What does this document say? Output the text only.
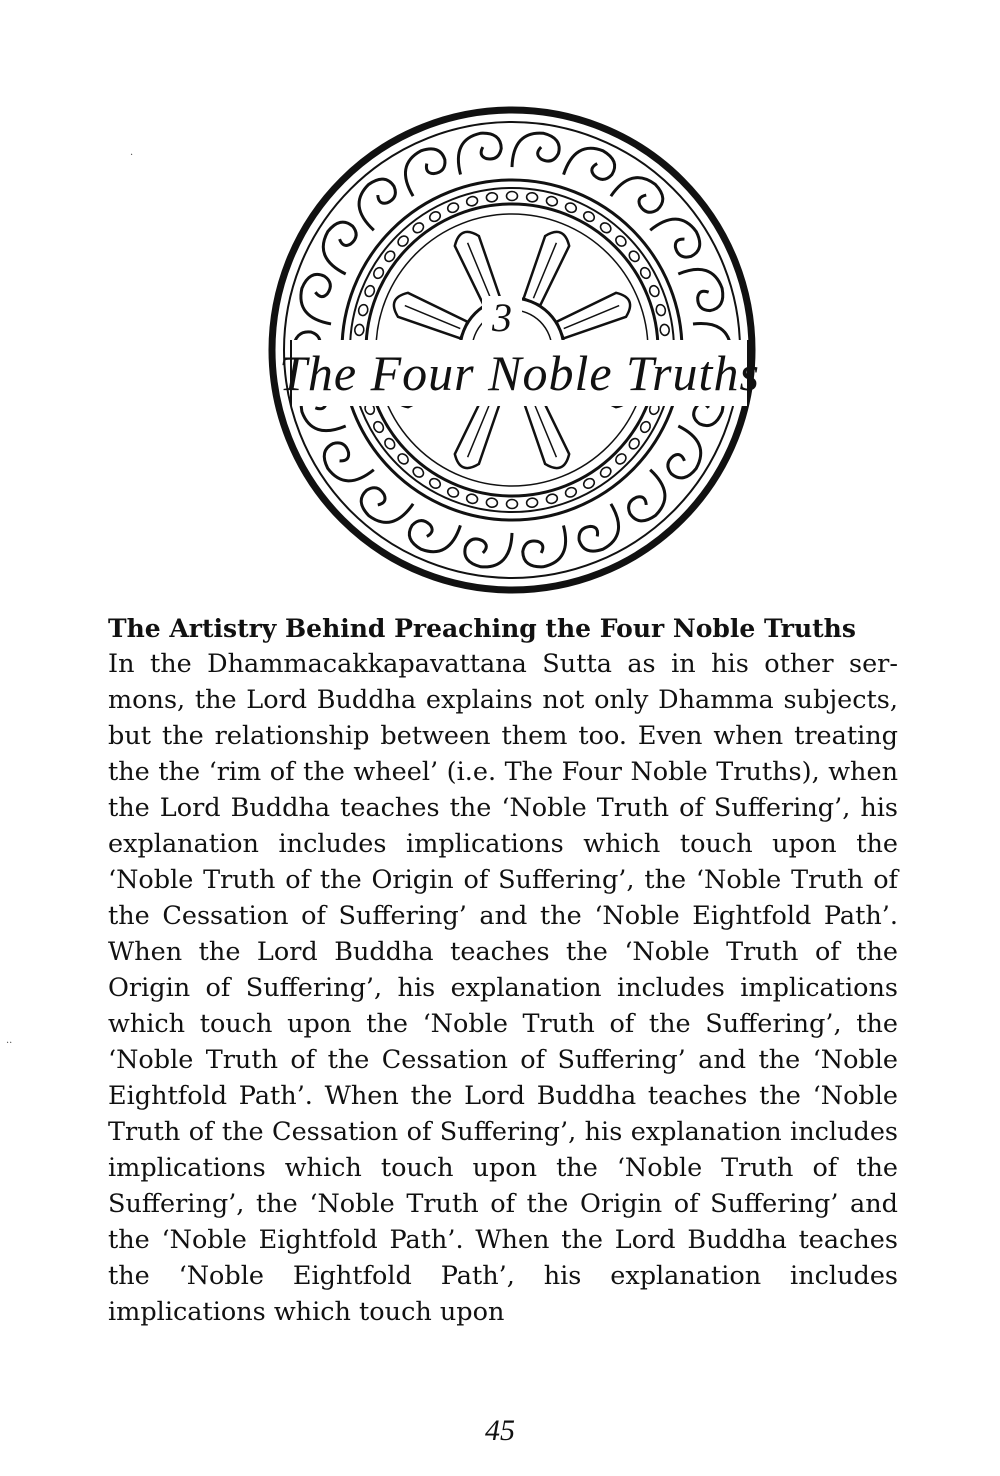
·
··
The Four Noble Truths
3
The Artistry Behind Preaching the Four Noble Truths

In the Dhammacakkapavattana Sutta as in his other sermons, the Lord Buddha explains not only Dhamma subjects, but the relationship between them too. Even when treating the the ‘rim of the wheel’ (i.e. The Four Noble Truths), when the Lord Buddha teaches the ‘Noble Truth of Suffering’, his explanation includes implications which touch upon the ‘Noble Truth of the Origin of Suffering’, the ‘Noble Truth of the Cessation of Suffering’ and the ‘Noble Eightfold Path’. When the Lord Buddha teaches the ‘Noble Truth of the Origin of Suffering’, his explanation includes implications which touch upon the ‘Noble Truth of the Suffering’, the ‘Noble Truth of the Cessation of Suffering’ and the ‘Noble Eightfold Path’. When the Lord Buddha teaches the ‘Noble Truth of the Cessation of Suffering’, his explanation includes implications which touch upon the ‘Noble Truth of the Suffering’, the ‘Noble Truth of the Origin of Suffering’ and the ‘Noble Eightfold Path’. When the Lord Buddha teaches the ‘Noble Eightfold Path’, his explanation includes implications which touch upon

45
